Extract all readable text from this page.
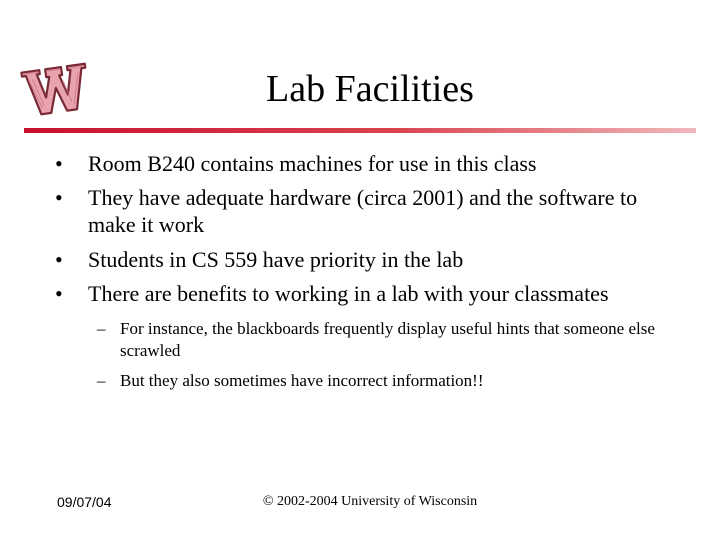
Lab Facilities
• Room B240 contains machines for use in this class
• They have adequate hardware (circa 2001) and the software to make it work
• Students in CS 559 have priority in the lab
• There are benefits to working in a lab with your classmates
– For instance, the blackboards frequently display useful hints that someone else scrawled
– But they also sometimes have incorrect information!!
09/07/04	© 2002-2004 University of Wisconsin
